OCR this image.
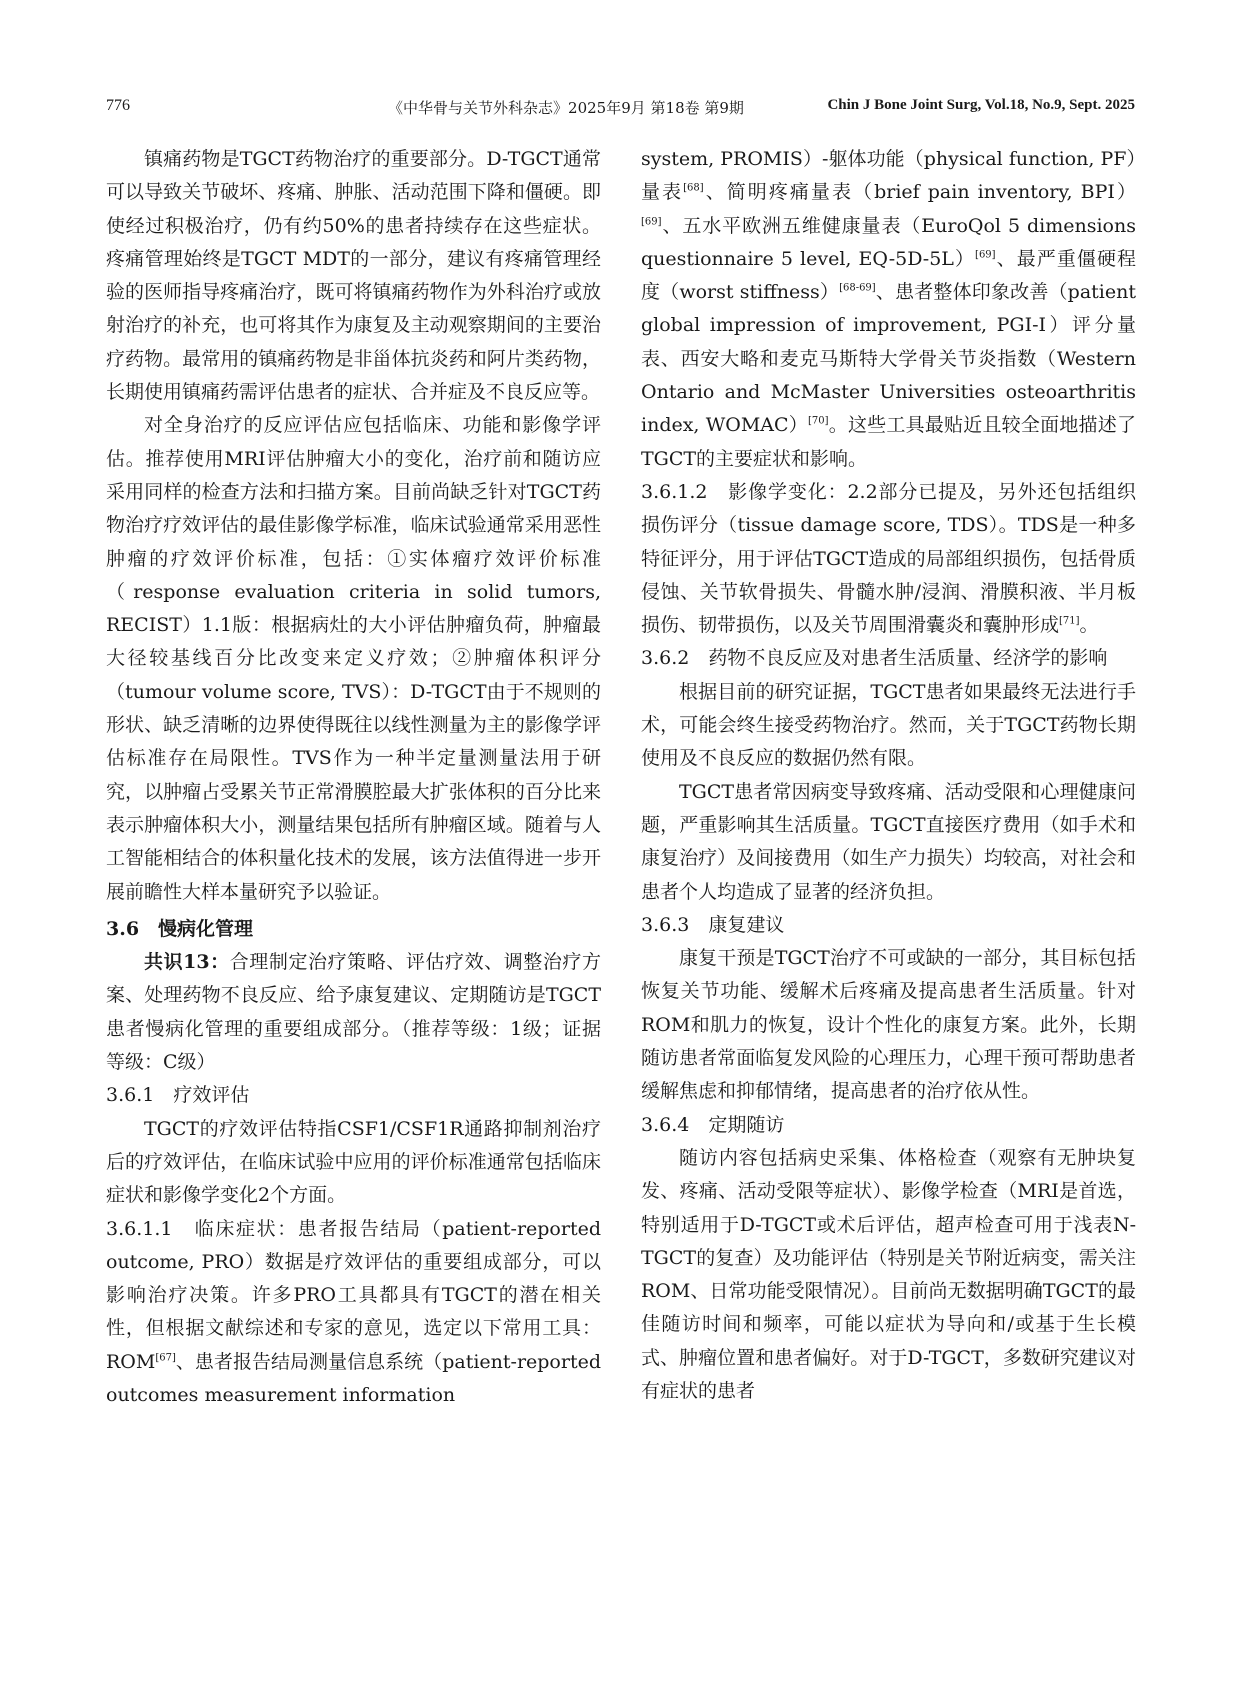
776	《中华骨与关节外科杂志》2025年9月 第18卷 第9期	Chin J Bone Joint Surg, Vol.18, No.9, Sept. 2025

镇痛药物是TGCT药物治疗的重要部分。D-TGCT通常可以导致关节破坏、疼痛、肿胀、活动范围下降和僵硬。即使经过积极治疗，仍有约50%的患者持续存在这些症状。疼痛管理始终是TGCT MDT的一部分，建议有疼痛管理经验的医师指导疼痛治疗，既可将镇痛药物作为外科治疗或放射治疗的补充，也可将其作为康复及主动观察期间的主要治疗药物。最常用的镇痛药物是非甾体抗炎药和阿片类药物，长期使用镇痛药需评估患者的症状、合并症及不良反应等。

对全身治疗的反应评估应包括临床、功能和影像学评估。推荐使用MRI评估肿瘤大小的变化，治疗前和随访应采用同样的检查方法和扫描方案。目前尚缺乏针对TGCT药物治疗疗效评估的最佳影像学标准，临床试验通常采用恶性肿瘤的疗效评价标准，包括：①实体瘤疗效评价标准（response evaluation criteria in solid tumors, RECIST）1.1版：根据病灶的大小评估肿瘤负荷，肿瘤最大径较基线百分比改变来定义疗效；②肿瘤体积评分（tumour volume score, TVS）：D-TGCT由于不规则的形状、缺乏清晰的边界使得既往以线性测量为主的影像学评估标准存在局限性。TVS作为一种半定量测量法用于研究，以肿瘤占受累关节正常滑膜腔最大扩张体积的百分比来表示肿瘤体积大小，测量结果包括所有肿瘤区域。随着与人工智能相结合的体积量化技术的发展，该方法值得进一步开展前瞻性大样本量研究予以验证。

3.6　慢病化管理

共识13：合理制定治疗策略、评估疗效、调整治疗方案、处理药物不良反应、给予康复建议、定期随访是TGCT患者慢病化管理的重要组成部分。（推荐等级：1级；证据等级：C级）

3.6.1　疗效评估

TGCT的疗效评估特指CSF1/CSF1R通路抑制剂治疗后的疗效评估，在临床试验中应用的评价标准通常包括临床症状和影像学变化2个方面。

3.6.1.1　临床症状：患者报告结局（patient-reported outcome, PRO）数据是疗效评估的重要组成部分，可以影响治疗决策。许多PRO工具都具有TGCT的潜在相关性，但根据文献综述和专家的意见，选定以下常用工具：ROM[67]、患者报告结局测量信息系统（patient-reported outcomes measurement information

system, PROMIS）-躯体功能（physical function, PF）量表[68]、简明疼痛量表（brief pain inventory, BPI）[69]、五水平欧洲五维健康量表（EuroQol 5 dimensions questionnaire 5 level, EQ-5D-5L）[69]、最严重僵硬程度（worst stiffness）[68-69]、患者整体印象改善（patient global impression of improvement, PGI-I）评分量表、西安大略和麦克马斯特大学骨关节炎指数（Western Ontario and McMaster Universities osteoarthritis index, WOMAC）[70]。这些工具最贴近且较全面地描述了TGCT的主要症状和影响。

3.6.1.2　影像学变化：2.2部分已提及，另外还包括组织损伤评分（tissue damage score, TDS）。TDS是一种多特征评分，用于评估TGCT造成的局部组织损伤，包括骨质侵蚀、关节软骨损失、骨髓水肿/浸润、滑膜积液、半月板损伤、韧带损伤，以及关节周围滑囊炎和囊肿形成[71]。

3.6.2　药物不良反应及对患者生活质量、经济学的影响

根据目前的研究证据，TGCT患者如果最终无法进行手术，可能会终生接受药物治疗。然而，关于TGCT药物长期使用及不良反应的数据仍然有限。

TGCT患者常因病变导致疼痛、活动受限和心理健康问题，严重影响其生活质量。TGCT直接医疗费用（如手术和康复治疗）及间接费用（如生产力损失）均较高，对社会和患者个人均造成了显著的经济负担。

3.6.3　康复建议

康复干预是TGCT治疗不可或缺的一部分，其目标包括恢复关节功能、缓解术后疼痛及提高患者生活质量。针对ROM和肌力的恢复，设计个性化的康复方案。此外，长期随访患者常面临复发风险的心理压力，心理干预可帮助患者缓解焦虑和抑郁情绪，提高患者的治疗依从性。

3.6.4　定期随访

随访内容包括病史采集、体格检查（观察有无肿块复发、疼痛、活动受限等症状）、影像学检查（MRI是首选，特别适用于D-TGCT或术后评估，超声检查可用于浅表N-TGCT的复查）及功能评估（特别是关节附近病变，需关注ROM、日常功能受限情况）。目前尚无数据明确TGCT的最佳随访时间和频率，可能以症状为导向和/或基于生长模式、肿瘤位置和患者偏好。对于D-TGCT，多数研究建议对有症状的患者
